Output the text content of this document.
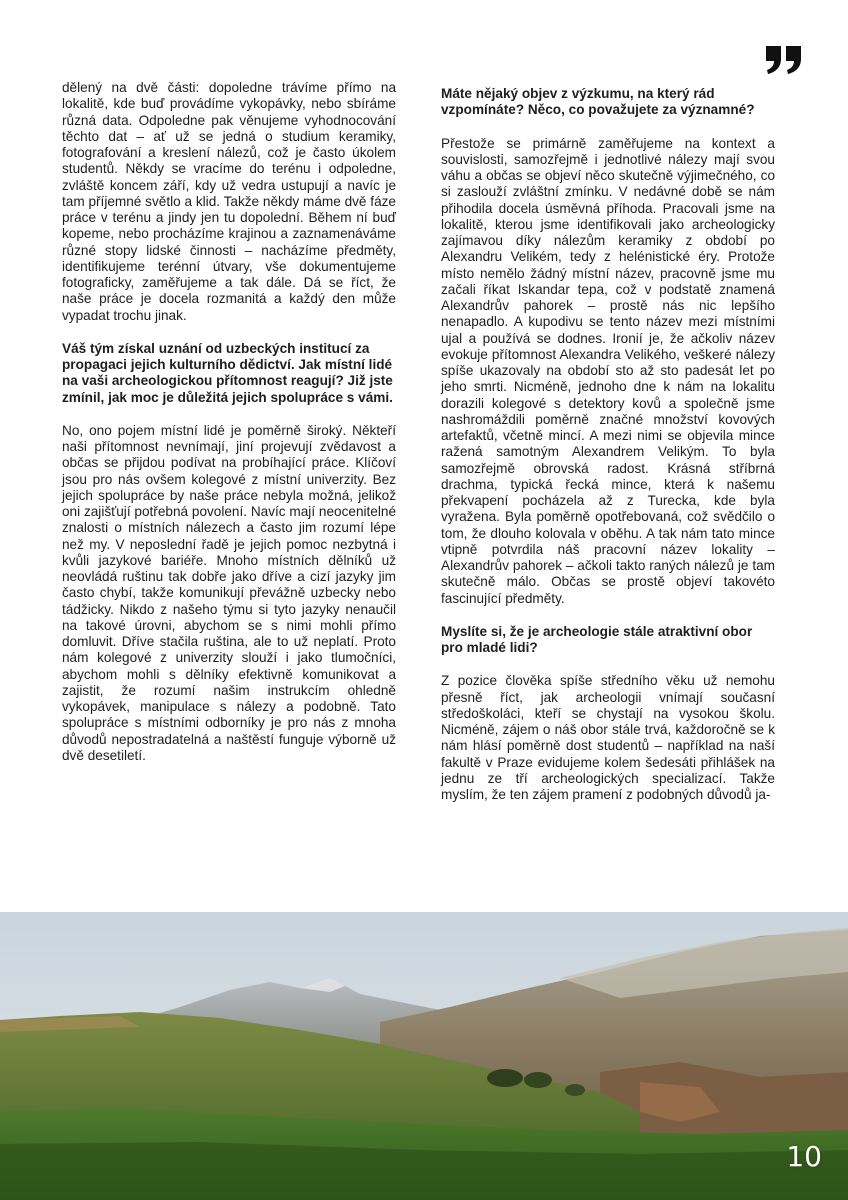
dělený na dvě části: dopoledne trávíme přímo na lokalitě, kde buď provádíme vykopávky, nebo sbíráme různá data. Odpoledne pak věnujeme vyhodnocování těchto dat – ať už se jedná o studium keramiky, fotografování a kreslení nálezů, což je často úkolem studentů. Někdy se vracíme do terénu i odpoledne, zvláště koncem září, kdy už vedra ustupují a navíc je tam příjemné světlo a klid. Takže někdy máme dvě fáze práce v terénu a jindy jen tu dopolední. Během ní buď kopeme, nebo procházíme krajinou a zaznamenáváme různé stopy lidské činnosti – nacházíme předměty, identifikujeme terénní útvary, vše dokumentujeme fotograficky, zaměřujeme a tak dále. Dá se říct, že naše práce je docela rozmanitá a každý den může vypadat trochu jinak.

Váš tým získal uznání od uzbeckých institucí za propagaci jejich kulturního dědictví. Jak místní lidé na vaši archeologickou přítomnost reagují? Již jste zmínil, jak moc je důležitá jejich spolupráce s vámi.

No, ono pojem místní lidé je poměrně široký. Někteří naši přítomnost nevnímají, jiní projevují zvědavost a občas se přijdou podívat na probíhající práce. Klíčoví jsou pro nás ovšem kolegové z místní univerzity. Bez jejich spolupráce by naše práce nebyla možná, jelikož oni zajišťují potřebná povolení. Navíc mají neocenitelné znalosti o místních nálezech a často jim rozumí lépe než my. V neposlední řadě je jejich pomoc nezbytná i kvůli jazykové bariéře. Mnoho místních dělníků už neovládá ruštinu tak dobře jako dříve a cizí jazyky jim často chybí, takže komunikují převážně uzbecky nebo tádžicky. Nikdo z našeho týmu si tyto jazyky nenaučil na takové úrovni, abychom se s nimi mohli přímo domluvit. Dříve stačila ruština, ale to už neplatí. Proto nám kolegové z univerzity slouží i jako tlumočníci, abychom mohli s dělníky efektivně komunikovat a zajistit, že rozumí našim instrukcím ohledně vykopávek, manipulace s nálezy a podobně. Tato spolupráce s místními odborníky je pro nás z mnoha důvodů nepostradatelná a naštěstí funguje výborně už dvě desetiletí.

Máte nějaký objev z výzkumu, na který rád vzpomínáte? Něco, co považujete za významné?

Přestože se primárně zaměřujeme na kontext a souvislosti, samozřejmě i jednotlivé nálezy mají svou váhu a občas se objeví něco skutečně výjimečného, co si zaslouží zvláštní zmínku. V nedávné době se nám přihodila docela úsměvná příhoda. Pracovali jsme na lokalitě, kterou jsme identifikovali jako archeologicky zajímavou díky nálezům keramiky z období po Alexandru Velikém, tedy z helénistické éry. Protože místo nemělo žádný místní název, pracovně jsme mu začali říkat Iskandar tepa, což v podstatě znamená Alexandrův pahorek – prostě nás nic lepšího nenapadlo. A kupodivu se tento název mezi místními ujal a používá se dodnes. Ironií je, že ačkoliv název evokuje přítomnost Alexandra Velikého, veškeré nálezy spíše ukazovaly na období sto až sto padesát let po jeho smrti. Nicméně, jednoho dne k nám na lokalitu dorazili kolegové s detektory kovů a společně jsme nashromáždili poměrně značné množství kovových artefaktů, včetně mincí. A mezi nimi se objevila mince ražená samotným Alexandrem Velikým. To byla samozřejmě obrovská radost. Krásná stříbrná drachma, typická řecká mince, která k našemu překvapení pocházela až z Turecka, kde byla vyražena. Byla poměrně opotřebovaná, což svědčilo o tom, že dlouho kolovala v oběhu. A tak nám tato mince vtipně potvrdila náš pracovní název lokality – Alexandrův pahorek – ačkoli takto raných nálezů je tam skutečně málo. Občas se prostě objeví takovéto fascinující předměty.

Myslíte si, že je archeologie stále atraktivní obor pro mladé lidi?

Z pozice člověka spíše středního věku už nemohu přesně říct, jak archeologii vnímají současní středoškoláci, kteří se chystají na vysokou školu. Nicméně, zájem o náš obor stále trvá, každoročně se k nám hlásí poměrně dost studentů – například na naší fakultě v Praze evidujeme kolem šedesáti přihlášek na jednu ze tří archeologických specializací. Takže myslím, že ten zájem pramení z podobných důvodů ja-

10
